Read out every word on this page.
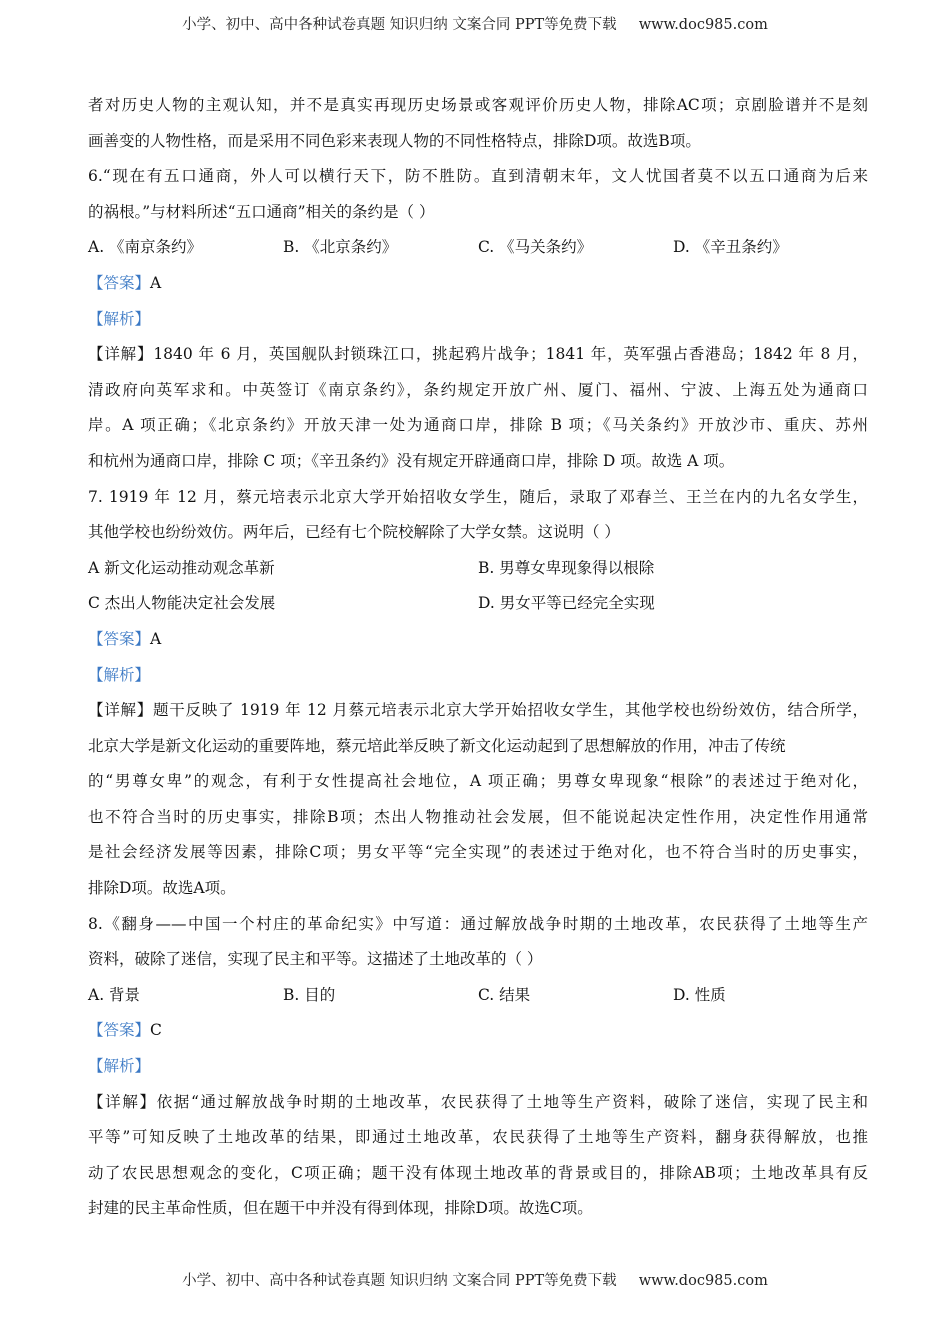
小学、初中、高中各种试卷真题 知识归纳 文案合同 PPT等免费下载 www.doc985.com
者对历史人物的主观认知，并不是真实再现历史场景或客观评价历史人物，排除AC项；京剧脸谱并不是刻
画善变的人物性格，而是采用不同色彩来表现人物的不同性格特点，排除D项。故选B项。
6.“现在有五口通商，外人可以横行天下，防不胜防。直到清朝末年，文人忧国者莫不以五口通商为后来
的祸根。”与材料所述“五口通商”相关的条约是（ ）
A. 《南京条约》	B. 《北京条约》	C. 《马关条约》	D. 《辛丑条约》
【答案】A
【解析】
【详解】1840 年 6 月，英国舰队封锁珠江口，挑起鸦片战争；1841 年，英军强占香港岛；1842 年 8 月，
清政府向英军求和。中英签订《南京条约》，条约规定开放广州、厦门、福州、宁波、上海五处为通商口
岸。A 项正确；《北京条约》开放天津一处为通商口岸，排除 B 项；《马关条约》开放沙市、重庆、苏州
和杭州为通商口岸，排除 C 项；《辛丑条约》没有规定开辟通商口岸，排除 D 项。故选 A 项。
7. 1919 年 12 月，蔡元培表示北京大学开始招收女学生，随后，录取了邓春兰、王兰在内的九名女学生，
其他学校也纷纷效仿。两年后，已经有七个院校解除了大学女禁。这说明（ ）
A 新文化运动推动观念革新	B. 男尊女卑现象得以根除
C 杰出人物能决定社会发展	D. 男女平等已经完全实现
【答案】A
【解析】
【详解】题干反映了 1919 年 12 月蔡元培表示北京大学开始招收女学生，其他学校也纷纷效仿，结合所学，
北京大学是新文化运动的重要阵地，蔡元培此举反映了新文化运动起到了思想解放的作用，冲击了传统
的“男尊女卑”的观念，有利于女性提高社会地位，A 项正确；男尊女卑现象“根除”的表述过于绝对化，
也不符合当时的历史事实，排除B项；杰出人物推动社会发展，但不能说起决定性作用，决定性作用通常
是社会经济发展等因素，排除C项；男女平等“完全实现”的表述过于绝对化，也不符合当时的历史事实，
排除D项。故选A项。
8.《翻身——中国一个村庄的革命纪实》中写道：通过解放战争时期的土地改革，农民获得了土地等生产
资料，破除了迷信，实现了民主和平等。这描述了土地改革的（ ）
A. 背景	B. 目的	C. 结果	D. 性质
【答案】C
【解析】
【详解】依据“通过解放战争时期的土地改革，农民获得了土地等生产资料，破除了迷信，实现了民主和
平等”可知反映了土地改革的结果，即通过土地改革，农民获得了土地等生产资料，翻身获得解放，也推
动了农民思想观念的变化，C项正确；题干没有体现土地改革的背景或目的，排除AB项；土地改革具有反
封建的民主革命性质，但在题干中并没有得到体现，排除D项。故选C项。
小学、初中、高中各种试卷真题 知识归纳 文案合同 PPT等免费下载 www.doc985.com
